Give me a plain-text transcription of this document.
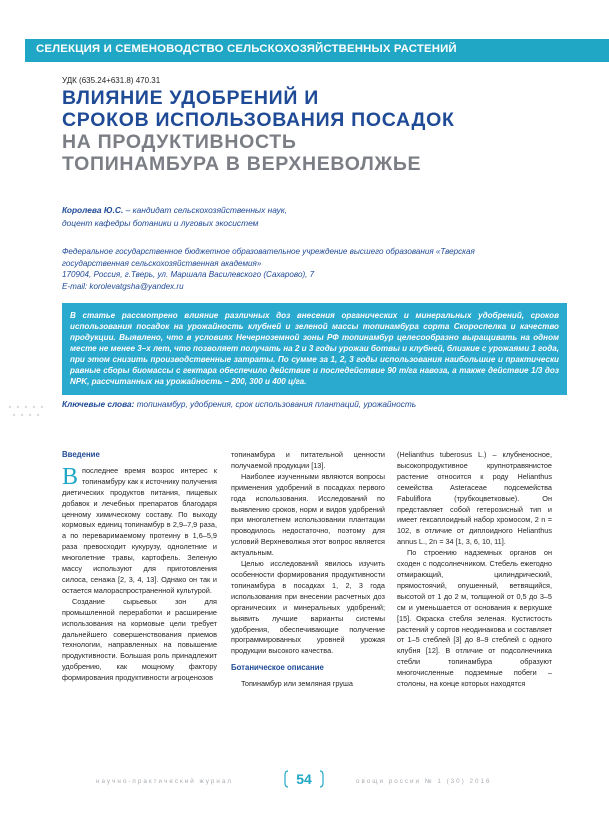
СЕЛЕКЦИЯ И СЕМЕНОВОДСТВО СЕЛЬСКОХОЗЯЙСТВЕННЫХ РАСТЕНИЙ
УДК (635.24+631.8) 470.31
ВЛИЯНИЕ УДОБРЕНИЙ И
СРОКОВ ИСПОЛЬЗОВАНИЯ ПОСАДОК
НА ПРОДУКТИВНОСТЬ
ТОПИНАМБУРА В ВЕРХНЕВОЛЖЬЕ
Королева Ю.С. – кандидат сельскохозяйственных наук,
доцент кафедры ботаники и луговых экосистем
Федеральное государственное бюджетное образовательное учреждение высшего образования «Тверская
государственная сельскохозяйственная академия»
170904, Россия, г.Тверь, ул. Маршала Василевского (Сахарово), 7
E-mail: korolevatgsha@yandex.ru
В статье рассмотрено влияние различных доз внесения органических и минеральных удобрений, сроков использования посадок на урожайность клубней и зеленой массы топинамбура сорта Скороспелка и качество продукции. Выявлено, что в условиях Нечерноземной зоны РФ топинамбур целесообразно выращивать на одном месте не менее 3–х лет, что позволяет получать на 2 и 3 годы урожаи ботвы и клубней, близкие с урожаями 1 года, при этом снизить производственные затраты. По сумме за 1, 2, 3 годы использования наибольшие и практически равные сборы биомассы с гектара обеспечило действие и последействие 90 т/га навоза, а также действие 1/3 доз NPK, рассчитанных на урожайность – 200, 300 и 400 ц/га.
Ключевые слова: топинамбур, удобрения, срок использования плантаций, урожайность
Введение

Впоследнее время возрос интерес к топинамбуру как к источнику получения диетических продуктов питания, пищевых добавок и лечебных препаратов благодаря ценному химическому составу. По выходу кормовых единиц топинамбур в 2,9–7,9 раза, а по переваримаемому протеину в 1,6–5,9 раза превосходит кукурузу, однолетние и многолетние травы, картофель. Зеленую массу используют для приготовления силоса, сенажа [2, 3, 4, 13]. Однако он так и остается малораспространенной культурой.

Создание сырьевых зон для промышленной переработки и расширение использования на кормовые цели требует дальнейшего совершенствования приемов технологии, направленных на повышение продуктивности. Большая роль принадлежит удобрению, как мощному фактору формирования продуктивности агроценозов

топинамбура и питательной ценности получаемой продукции [13].

Наиболее изученными являются вопросы применения удобрений в посадках первого года использования. Исследований по выявлению сроков, норм и видов удобрений при многолетнем использовании плантации проводилось недостаточно, поэтому для условий Верхневолжья этот вопрос является актуальным.

Целью исследований явилось изучить особенности формирования продуктивности топинамбура в посадках 1, 2, 3 года использования при внесении расчетных доз органических и минеральных удобрений; выявить лучшие варианты системы удобрения, обеспечивающие получение программированных уровней урожая продукции высокого качества.

Ботаническое описание

Топинамбур или земляная груша

(Helianthus tuberosus L.) – клубненосное, высокопродуктивное крупнотравянистое растение относится к роду Helianthus семейства Asteraceae подсемейства Fabuliflora (трубкоцветковые). Он представляет собой гетерозисный тип и имеет гексаплоидный набор хромосом, 2 n = 102, в отличие от диплоидного Helianthus annus L., 2n = 34 [1, 3, 6, 10, 11].

По строению надземных органов он сходен с подсолнечником. Стебель ежегодно отмирающий, цилиндрический, прямостоячий, опушенный, ветвящийся, высотой от 1 до 2 м, толщиной от 0,5 до 3–5 см и уменьшается от основания к верхушке [15]. Окраска стебля зеленая. Кустистость растений у сортов неодинакова и составляет от 1–5 стеблей [3] до 8–9 стеблей с одного клубня [12]. В отличие от подсолнечника стебли топинамбура образуют многочисленные подземные побеги – столоны, на конце которых находятся

научно-практический журнал	54	овощи россии № 1 (30) 2016
